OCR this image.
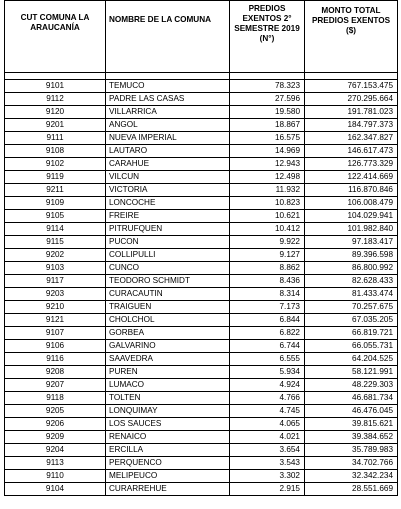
CUT COMUNA LA ARAUCANÍA	NOMBRE DE LA COMUNA	PREDIOS EXENTOS 2° SEMESTRE 2019 (N°)	MONTO TOTAL PREDIOS EXENTOS ($)

9101	TEMUCO	78.323	767.153.475
9112	PADRE LAS CASAS	27.596	270.295.664
9120	VILLARRICA	19.580	191.781.023
9201	ANGOL	18.867	184.797.373
9111	NUEVA IMPERIAL	16.575	162.347.827
9108	LAUTARO	14.969	146.617.473
9102	CARAHUE	12.943	126.773.329
9119	VILCUN	12.498	122.414.669
9211	VICTORIA	11.932	116.870.846
9109	LONCOCHE	10.823	106.008.479
9105	FREIRE	10.621	104.029.941
9114	PITRUFQUEN	10.412	101.982.840
9115	PUCON	9.922	97.183.417
9202	COLLIPULLI	9.127	89.396.598
9103	CUNCO	8.862	86.800.992
9117	TEODORO SCHMIDT	8.436	82.628.433
9203	CURACAUTIN	8.314	81.433.474
9210	TRAIGUEN	7.173	70.257.675
9121	CHOLCHOL	6.844	67.035.205
9107	GORBEA	6.822	66.819.721
9106	GALVARINO	6.744	66.055.731
9116	SAAVEDRA	6.555	64.204.525
9208	PUREN	5.934	58.121.991
9207	LUMACO	4.924	48.229.303
9118	TOLTEN	4.766	46.681.734
9205	LONQUIMAY	4.745	46.476.045
9206	LOS SAUCES	4.065	39.815.621
9209	RENAICO	4.021	39.384.652
9204	ERCILLA	3.654	35.789.983
9113	PERQUENCO	3.543	34.702.766
9110	MELIPEUCO	3.302	32.342.234
9104	CURARREHUE	2.915	28.551.669
